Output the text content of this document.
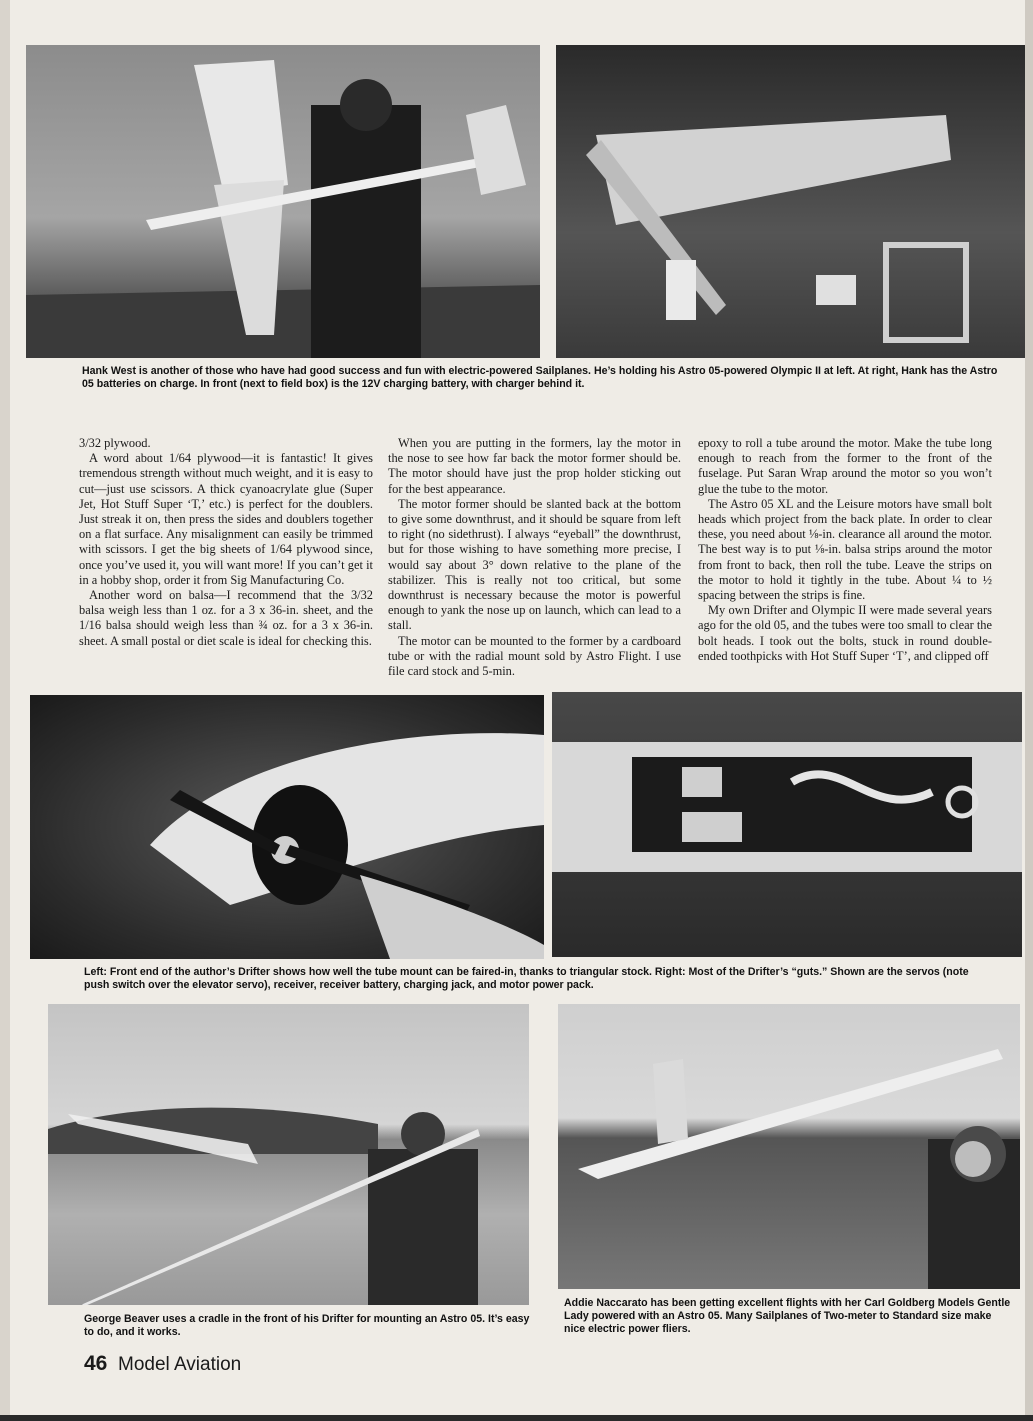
Hank West is another of those who have had good success and fun with electric-powered Sailplanes. He’s holding his Astro 05-powered Olympic II at left. At right, Hank has the Astro 05 batteries on charge. In front (next to field box) is the 12V charging battery, with charger behind it.

3/32 plywood.

A word about 1/64 plywood—it is fantastic! It gives tremendous strength without much weight, and it is easy to cut—just use scissors. A thick cyanoacrylate glue (Super Jet, Hot Stuff Super ‘T,’ etc.) is perfect for the doublers. Just streak it on, then press the sides and doublers together on a flat surface. Any misalignment can easily be trimmed with scissors. I get the big sheets of 1/64 plywood since, once you’ve used it, you will want more! If you can’t get it in a hobby shop, order it from Sig Manufacturing Co.

Another word on balsa—I recommend that the 3/32 balsa weigh less than 1 oz. for a 3 x 36-in. sheet, and the 1/16 balsa should weigh less than ¾ oz. for a 3 x 36-in. sheet. A small postal or diet scale is ideal for checking this.

When you are putting in the formers, lay the motor in the nose to see how far back the motor former should be. The motor should have just the prop holder sticking out for the best appearance.

The motor former should be slanted back at the bottom to give some downthrust, and it should be square from left to right (no sidethrust). I always “eyeball” the downthrust, but for those wishing to have something more precise, I would say about 3° down relative to the plane of the stabilizer. This is really not too critical, but some downthrust is necessary because the motor is powerful enough to yank the nose up on launch, which can lead to a stall.

The motor can be mounted to the former by a cardboard tube or with the radial mount sold by Astro Flight. I use file card stock and 5-min.

epoxy to roll a tube around the motor. Make the tube long enough to reach from the former to the front of the fuselage. Put Saran Wrap around the motor so you won’t glue the tube to the motor.

The Astro 05 XL and the Leisure motors have small bolt heads which project from the back plate. In order to clear these, you need about ⅛-in. clearance all around the motor. The best way is to put ⅛-in. balsa strips around the motor from front to back, then roll the tube. Leave the strips on the motor to hold it tightly in the tube. About ¼ to ½ spacing between the strips is fine.

My own Drifter and Olympic II were made several years ago for the old 05, and the tubes were too small to clear the bolt heads. I took out the bolts, stuck in round double-ended toothpicks with Hot Stuff Super ‘T’, and clipped off

Left: Front end of the author’s Drifter shows how well the tube mount can be faired-in, thanks to triangular stock. Right: Most of the Drifter’s “guts.” Shown are the servos (note push switch over the elevator servo), receiver, receiver battery, charging jack, and motor power pack.

George Beaver uses a cradle in the front of his Drifter for mounting an Astro 05. It’s easy to do, and it works.

Addie Naccarato has been getting excellent flights with her Carl Goldberg Models Gentle Lady powered with an Astro 05. Many Sailplanes of Two-meter to Standard size make nice electric power fliers.

46 Model Aviation
